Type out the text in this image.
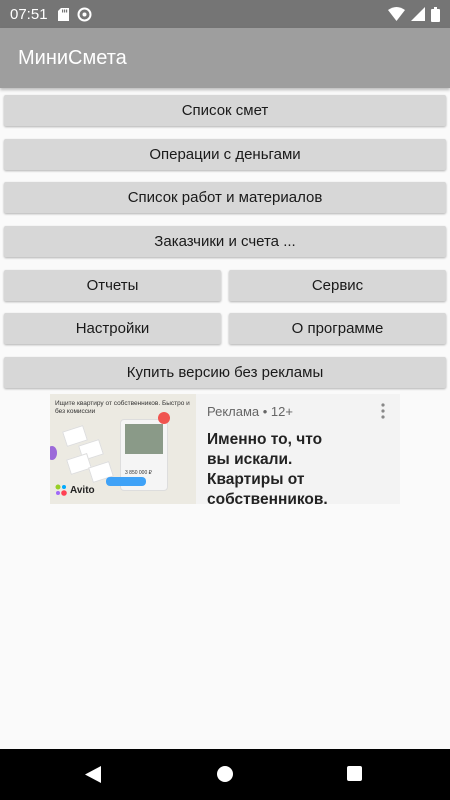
07:51
МиниСмета
Список смет
Операции с деньгами
Список работ и материалов
Заказчики и счета ...
Отчеты	Сервис
Настройки	О программе
Купить версию без рекламы
Ищите квартиру от собственников. Быстро и без комиссии
3 850 000 ₽
Avito
Реклама • 12+
Именно то, что вы искали. Квартиры от собственников.
